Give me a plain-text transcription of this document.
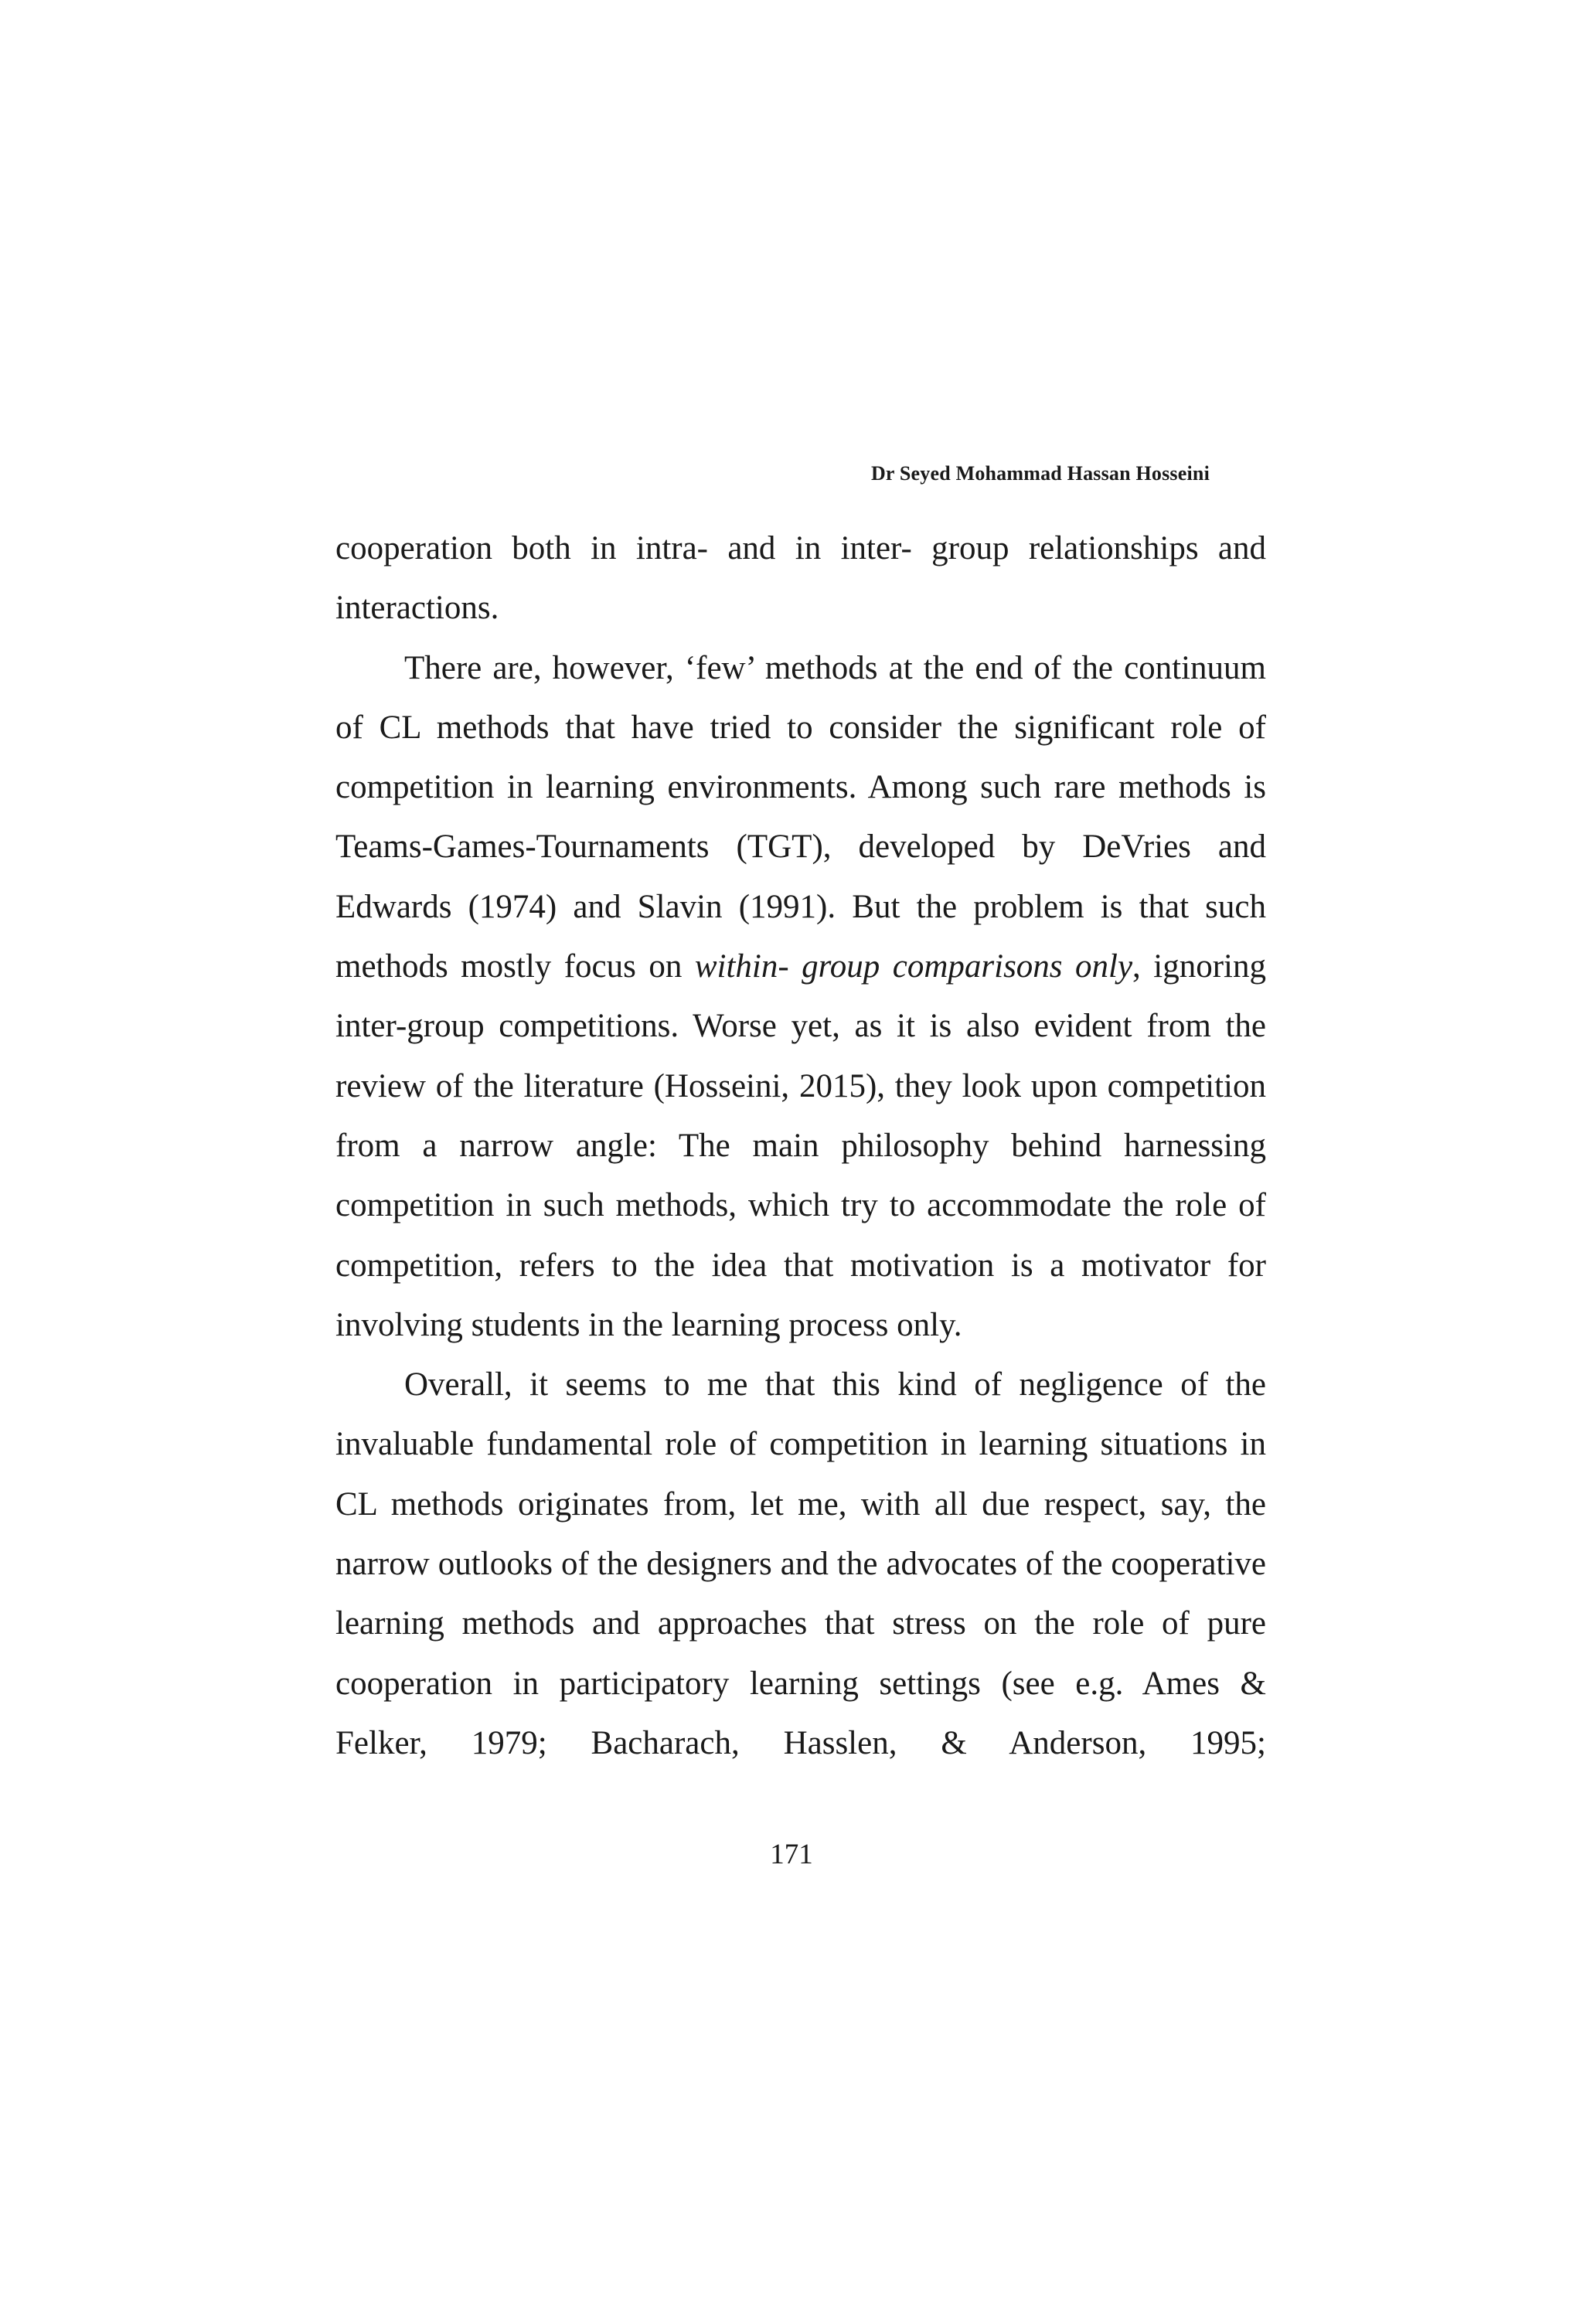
Dr Seyed Mohammad Hassan Hosseini

cooperation both in intra- and in inter- group relationships and interactions.

There are, however, ‘few’ methods at the end of the continuum of CL methods that have tried to consider the significant role of competition in learning environments. Among such rare methods is Teams-Games-Tournaments (TGT), developed by DeVries and Edwards (1974) and Slavin (1991). But the problem is that such methods mostly focus on within- group comparisons only, ignoring inter-group competitions. Worse yet, as it is also evident from the review of the literature (Hosseini, 2015), they look upon competition from a narrow angle: The main philosophy behind harnessing competition in such methods, which try to accommodate the role of competition, refers to the idea that motivation is a motivator for involving students in the learning process only.

Overall, it seems to me that this kind of negligence of the invaluable fundamental role of competition in learning situations in CL methods originates from, let me, with all due respect, say, the narrow outlooks of the designers and the advocates of the cooperative learning methods and approaches that stress on the role of pure cooperation in participatory learning settings (see e.g. Ames & Felker, 1979; Bacharach, Hasslen, & Anderson, 1995;

171
